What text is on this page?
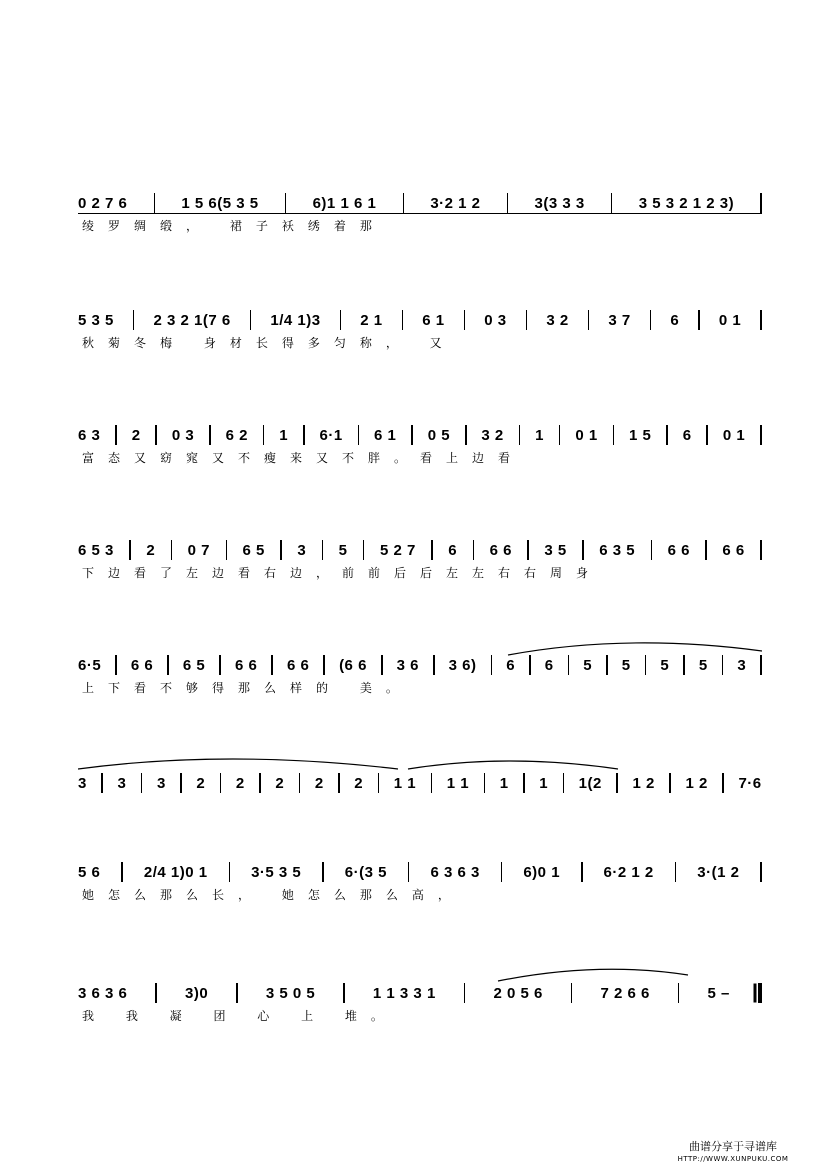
0 2 7 6	1 5 6(5 3 5	6)1 1 6 1	3·2 1 2	3(3 3 3	3 5 3 2 1 2 3)
绫罗绸缎， 裙子袄绣着那
5 3 5	2 3 2 1(7 6	1/4 1)3	2 1	6 1	0 3	3 2	3 7	6	0 1
秋菊冬梅 身材长得多匀称， 又
6 3 2 0 3 6 2 1 6·1 6 1 0 5 3 2 1 0 1 1 5 6 0 1
富态又窈窕又不瘦来又不胖。看上边看
6 5 3 2 0 7 6 5 3 5 5 2 7 6 6 6 3 5 6 3 5 6 6 6 6
下边看了左边看右边，前前后后左左右右周身
6·5 6 6 6 5 6 6 6 6 (6 6 3 6 3 6) 6 6 5 5 5 5 3
上下看不够得那么样的 美。
3 3 3 2 2 2 2 2 1 1 1 1 1 1 1(2 1 2 1 2 7·6
5 6	2/4 1)0 1	3·5 3 5	6·(3 5	6 3 6 3	6)0 1	6·2 1 2	3·(1 2
她怎么那么长， 她怎么那么高，
3 6 3 6	3)0	3 5 0 5	1 1 3 3 1	2 0 5 6	7 2 6 6	5 –
我 我 凝 团 心 上 堆。
曲谱分享于寻谱库
HTTP://WWW.XUNPUKU.COM
